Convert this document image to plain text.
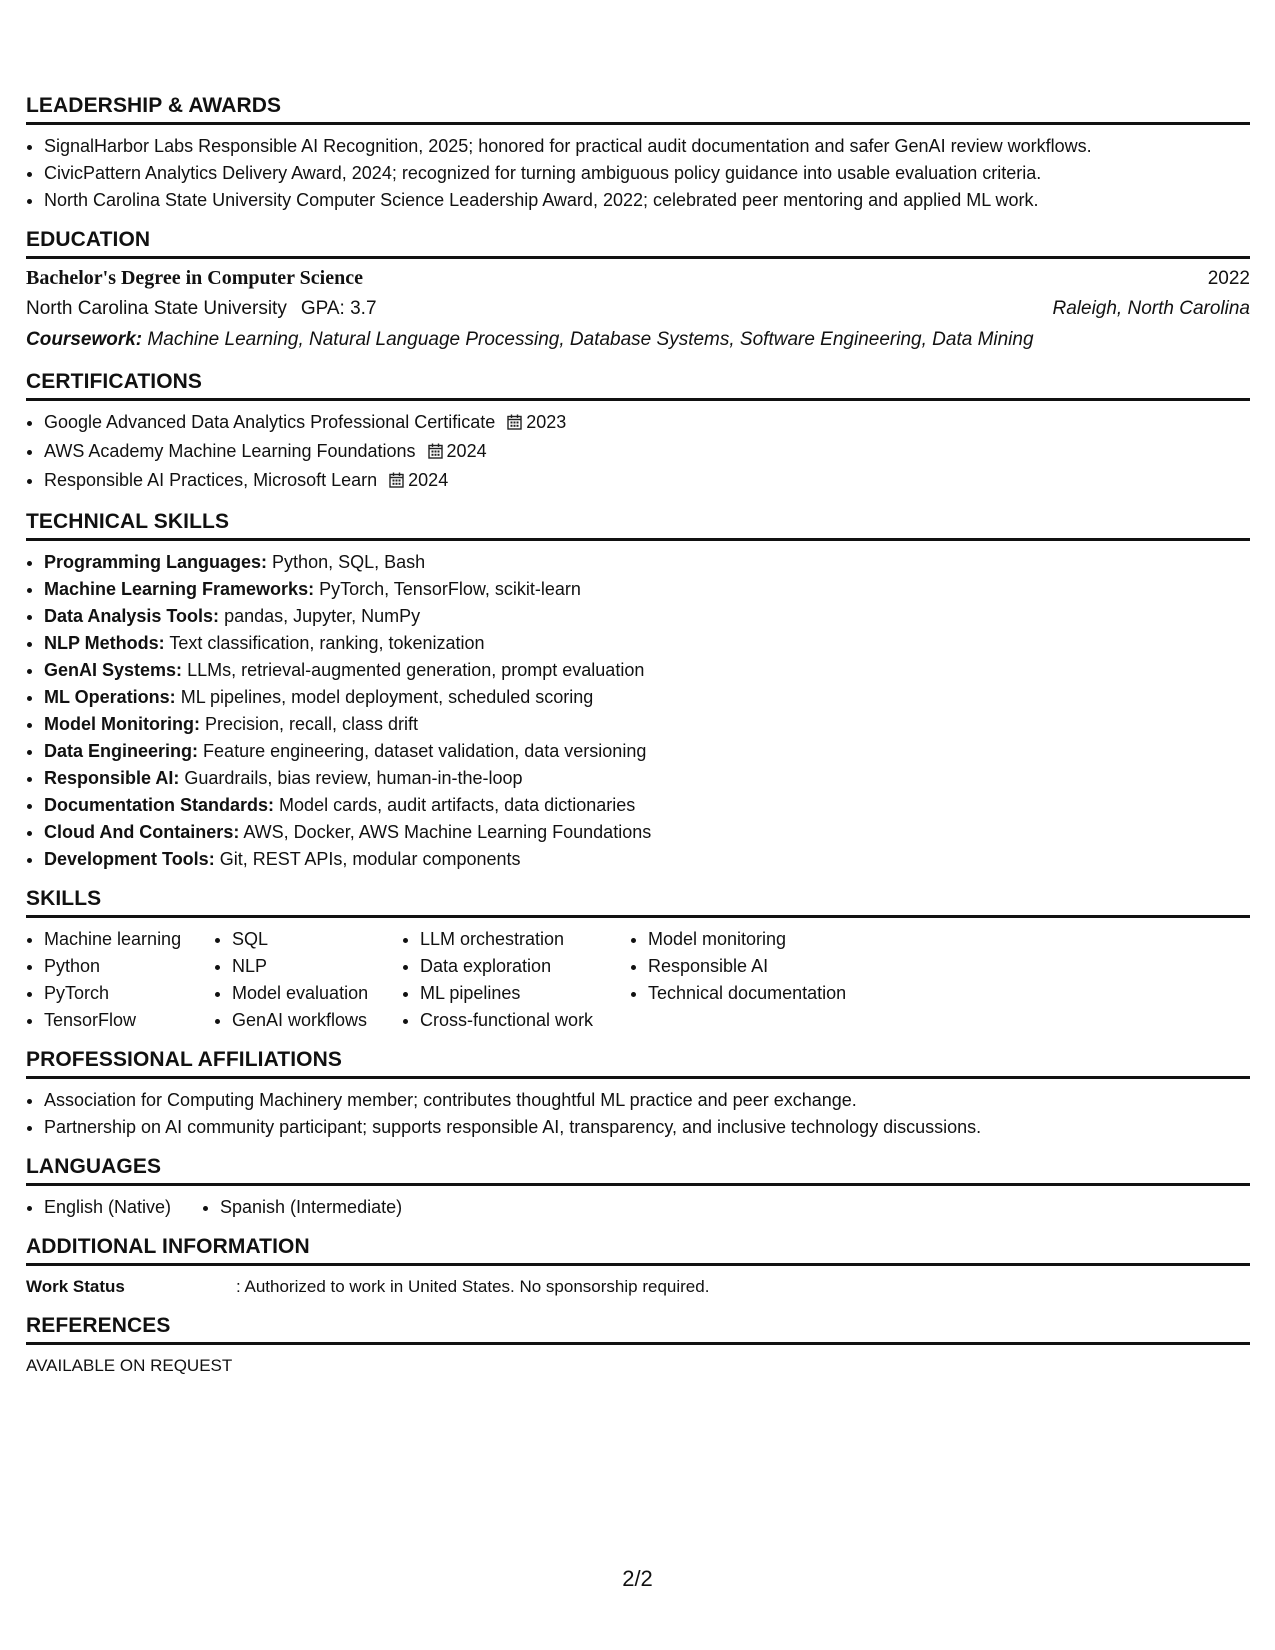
LEADERSHIP & AWARDS
• SignalHarbor Labs Responsible AI Recognition, 2025; honored for practical audit documentation and safer GenAI review workflows.
• CivicPattern Analytics Delivery Award, 2024; recognized for turning ambiguous policy guidance into usable evaluation criteria.
• North Carolina State University Computer Science Leadership Award, 2022; celebrated peer mentoring and applied ML work.
EDUCATION
Bachelor's Degree in Computer Science	2022
North Carolina State University GPA: 3.7	Raleigh, North Carolina
Coursework: Machine Learning, Natural Language Processing, Database Systems, Software Engineering, Data Mining
CERTIFICATIONS
• Google Advanced Data Analytics Professional Certificate 2023
• AWS Academy Machine Learning Foundations 2024
• Responsible AI Practices, Microsoft Learn 2024
TECHNICAL SKILLS
• Programming Languages: Python, SQL, Bash
• Machine Learning Frameworks: PyTorch, TensorFlow, scikit-learn
• Data Analysis Tools: pandas, Jupyter, NumPy
• NLP Methods: Text classification, ranking, tokenization
• GenAI Systems: LLMs, retrieval-augmented generation, prompt evaluation
• ML Operations: ML pipelines, model deployment, scheduled scoring
• Model Monitoring: Precision, recall, class drift
• Data Engineering: Feature engineering, dataset validation, data versioning
• Responsible AI: Guardrails, bias review, human-in-the-loop
• Documentation Standards: Model cards, audit artifacts, data dictionaries
• Cloud And Containers: AWS, Docker, AWS Machine Learning Foundations
• Development Tools: Git, REST APIs, modular components
SKILLS
• Machine learning
• Python
• PyTorch
• TensorFlow
• SQL
• NLP
• Model evaluation
• GenAI workflows
• LLM orchestration
• Data exploration
• ML pipelines
• Cross-functional work
• Model monitoring
• Responsible AI
• Technical documentation
PROFESSIONAL AFFILIATIONS
• Association for Computing Machinery member; contributes thoughtful ML practice and peer exchange.
• Partnership on AI community participant; supports responsible AI, transparency, and inclusive technology discussions.
LANGUAGES
• English (Native)
•	Spanish (Intermediate)
ADDITIONAL INFORMATION
Work Status	: Authorized to work in United States. No sponsorship required.
REFERENCES
AVAILABLE ON REQUEST
2/2
